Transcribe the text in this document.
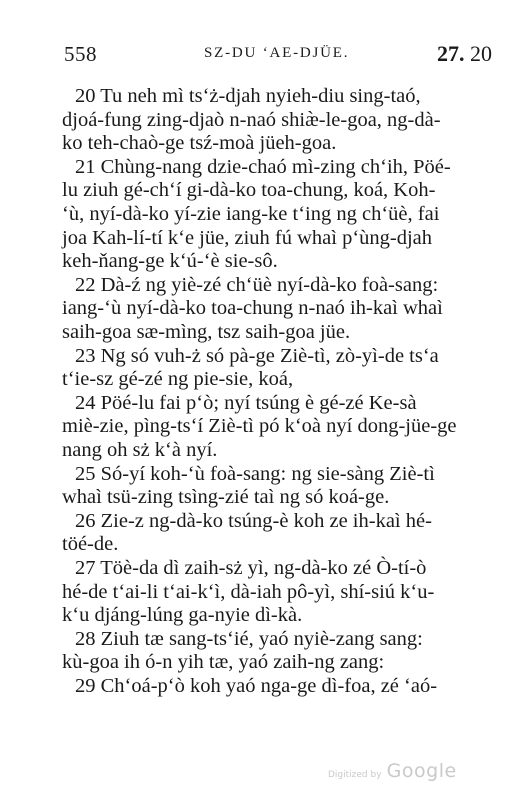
558	SZ-DU ‘AE-DJÜE.	27. 20
20 Tu neh mì ts‘ż-djah nyieh-diu sing-taó,
djoá-fung zing-djaò n-naó shiæ̀-le-goa, ng-dà-
ko teh-chaò-ge tsź-moà jüeh-goa.
21 Chùng-nang dzie-chaó mì-zing ch‘ih, Pöé-
lu ziuh gé-ch‘í gi-dà-ko toa-chung, koá, Koh-
‘ù, nyí-dà-ko yí-zie iang-ke t‘ing ng ch‘üè, fai
joa Kah-lí-tí k‘e jüe, ziuh fú whaì p‘ùng-djah
keh-ňang-ge k‘ú-‘è sie-sô.
22 Dà-ź ng yiè-zé ch‘üè nyí-dà-ko foà-sang:
iang-‘ù nyí-dà-ko toa-chung n-naó ih-kaì whaì
saih-goa sæ-mìng, tsz saih-goa jüe.
23 Ng só vuh-ż só pà-ge Ziè-tì, zò-yì-de ts‘a
t‘ie-sz gé-zé ng pie-sie, koá,
24 Pöé-lu fai p‘ò; nyí tsúng è gé-zé Ke-sà
miè-zie, pìng-ts‘í Ziè-tì pó k‘oà nyí dong-jüe-ge
nang oh sż k‘à nyí.
25 Só-yí koh-‘ù foà-sang: ng sie-sàng Ziè-tì
whaì tsü-zing tsìng-zié taì ng só koá-ge.
26 Zie-z ng-dà-ko tsúng-è koh ze ih-kaì hé-
töé-de.
27 Töè-da dì zaih-sż yì, ng-dà-ko zé Ò-tí-ò
hé-de t‘ai-li t‘ai-k‘ì, dà-iah pô-yì, shí-siú k‘u-
k‘u djáng-lúng ga-nyie dì-kà.
28 Ziuh tæ sang-ts‘ié, yaó nyiè-zang sang:
kù-goa ih ó-n yih tæ, yaó zaih-ng zang:
29 Ch‘oá-p‘ò koh yaó nga-ge dì-foa, zé ‘aó-
Digitized by Google
